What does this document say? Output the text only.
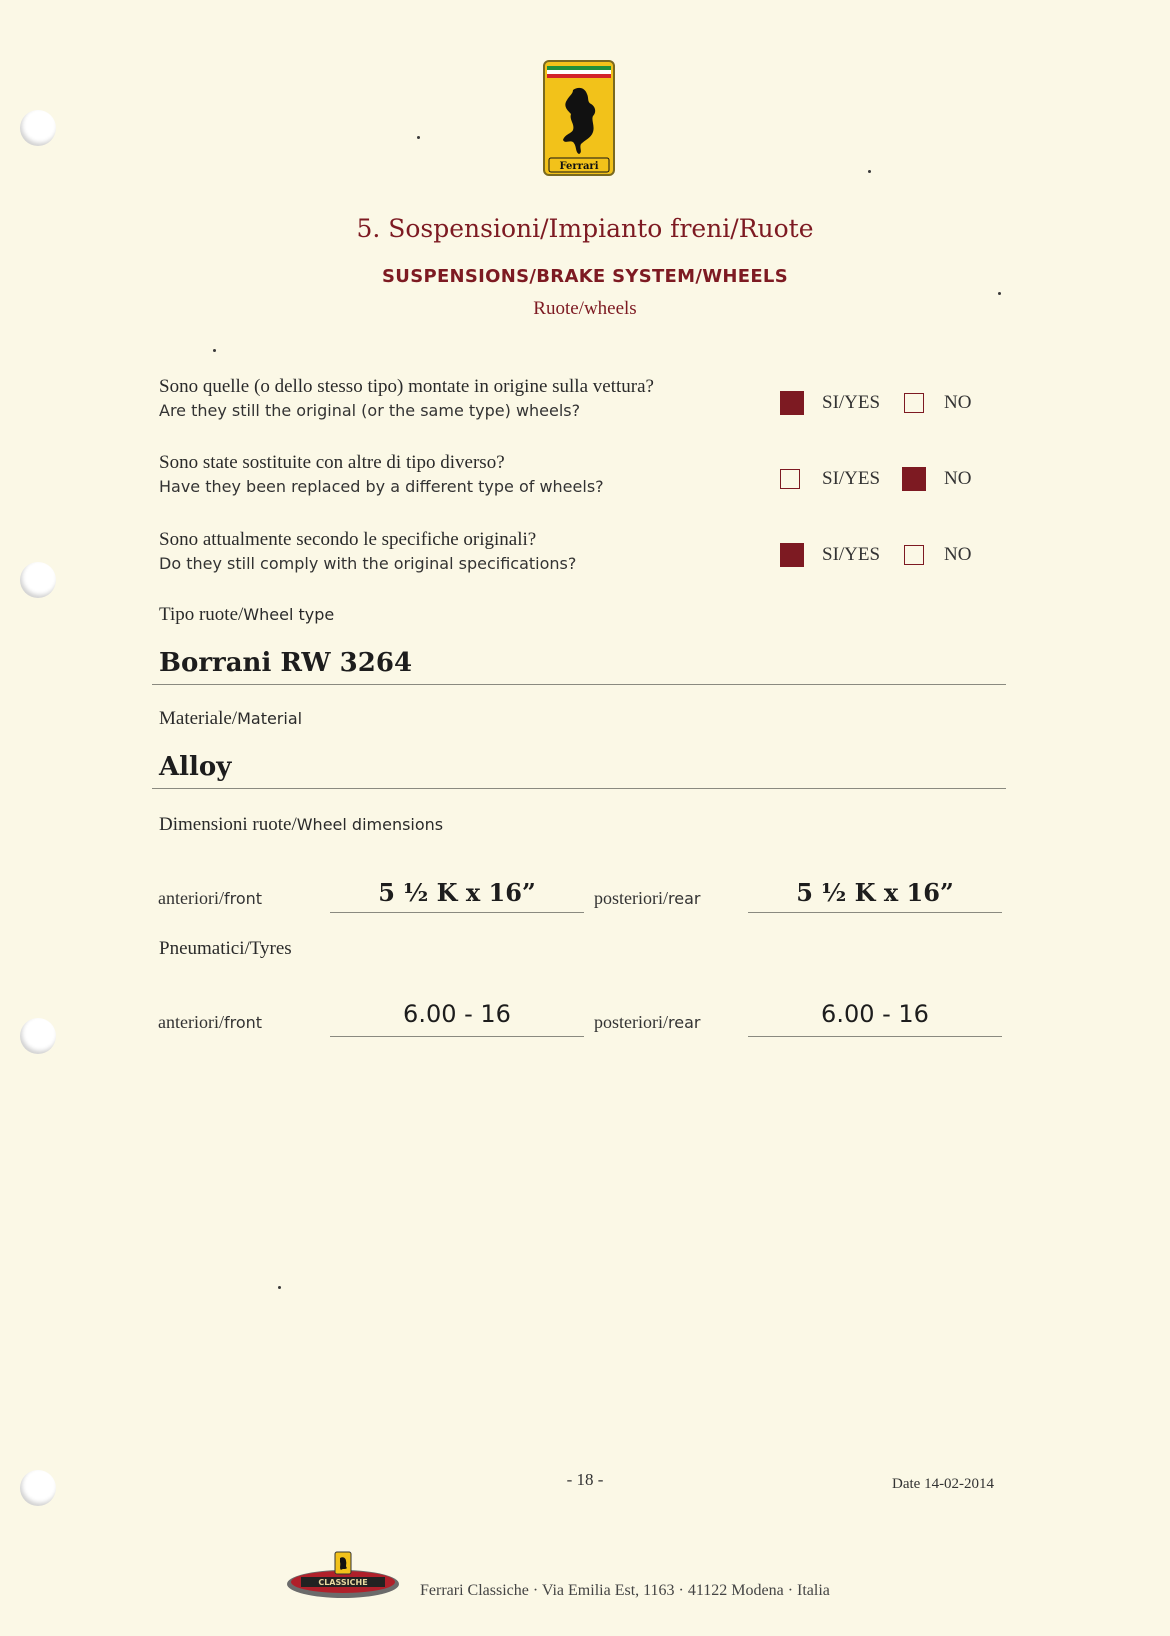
Ferrari
5. Sospensioni/Impianto freni/Ruote
SUSPENSIONS/BRAKE SYSTEM/WHEELS
Ruote/wheels
Sono quelle (o dello stesso tipo) montate in origine sulla vettura?
Are they still the original (or the same type) wheels?	SI/YES	NO
Sono state sostituite con altre di tipo diverso?
Have they been replaced by a different type of wheels?	SI/YES	NO
Sono attualmente secondo le specifiche originali?
Do they still comply with the original specifications?	SI/YES	NO
Tipo ruote/Wheel type
Borrani RW 3264
Materiale/Material
Alloy
Dimensioni ruote/Wheel dimensions
anteriori/front	5 ½ K x 16”	posteriori/rear	5 ½ K x 16”
Pneumatici/Tyres
anteriori/front	6.00 - 16	posteriori/rear	6.00 - 16
- 18 -	Date 14-02-2014
CLASSICHE	Ferrari Classiche · Via Emilia Est, 1163 · 41122 Modena · Italia
